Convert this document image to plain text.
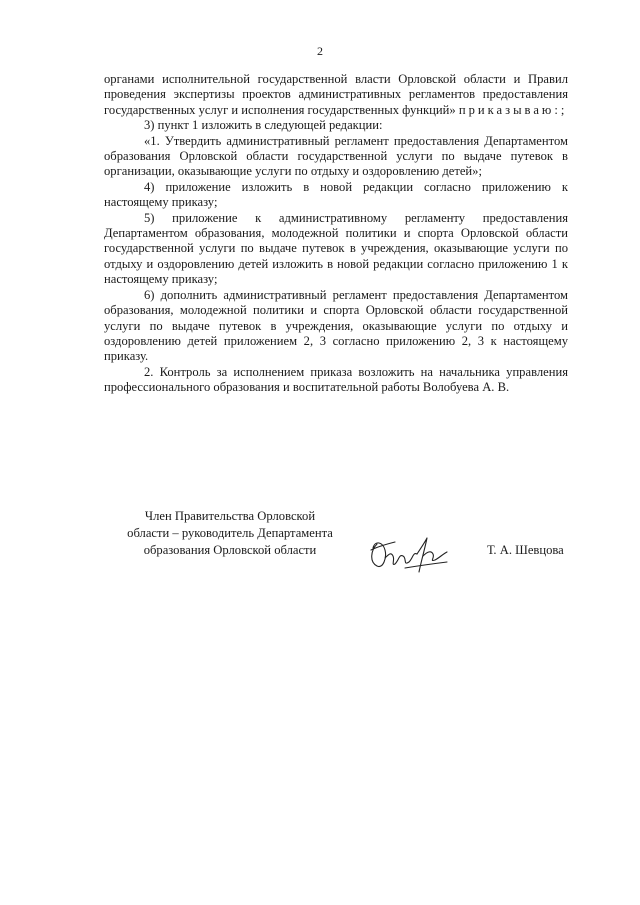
2

органами исполнительной государственной власти Орловской области и Правил проведения экспертизы проектов административных регламентов предоставления государственных услуг и исполнения государственных функций» приказываю:;

3) пункт 1 изложить в следующей редакции:

«1. Утвердить административный регламент предоставления Департаментом образования Орловской области государственной услуги по выдаче путевок в организации, оказывающие услуги по отдыху и оздоровлению детей»;

4) приложение изложить в новой редакции согласно приложению к настоящему приказу;

5) приложение к административному регламенту предоставления Департаментом образования, молодежной политики и спорта Орловской области государственной услуги по выдаче путевок в учреждения, оказывающие услуги по отдыху и оздоровлению детей изложить в новой редакции согласно приложению 1 к настоящему приказу;

6) дополнить административный регламент предоставления Департаментом образования, молодежной политики и спорта Орловской области государственной услуги по выдаче путевок в учреждения, оказывающие услуги по отдыху и оздоровлению детей приложением 2, 3 согласно приложению 2, 3 к настоящему приказу.

2. Контроль за исполнением приказа возложить на начальника управления профессионального образования и воспитательной работы Волобуева А. В.

Член Правительства Орловской
области – руководитель Департамента
образования Орловской области	Т. А. Шевцова
